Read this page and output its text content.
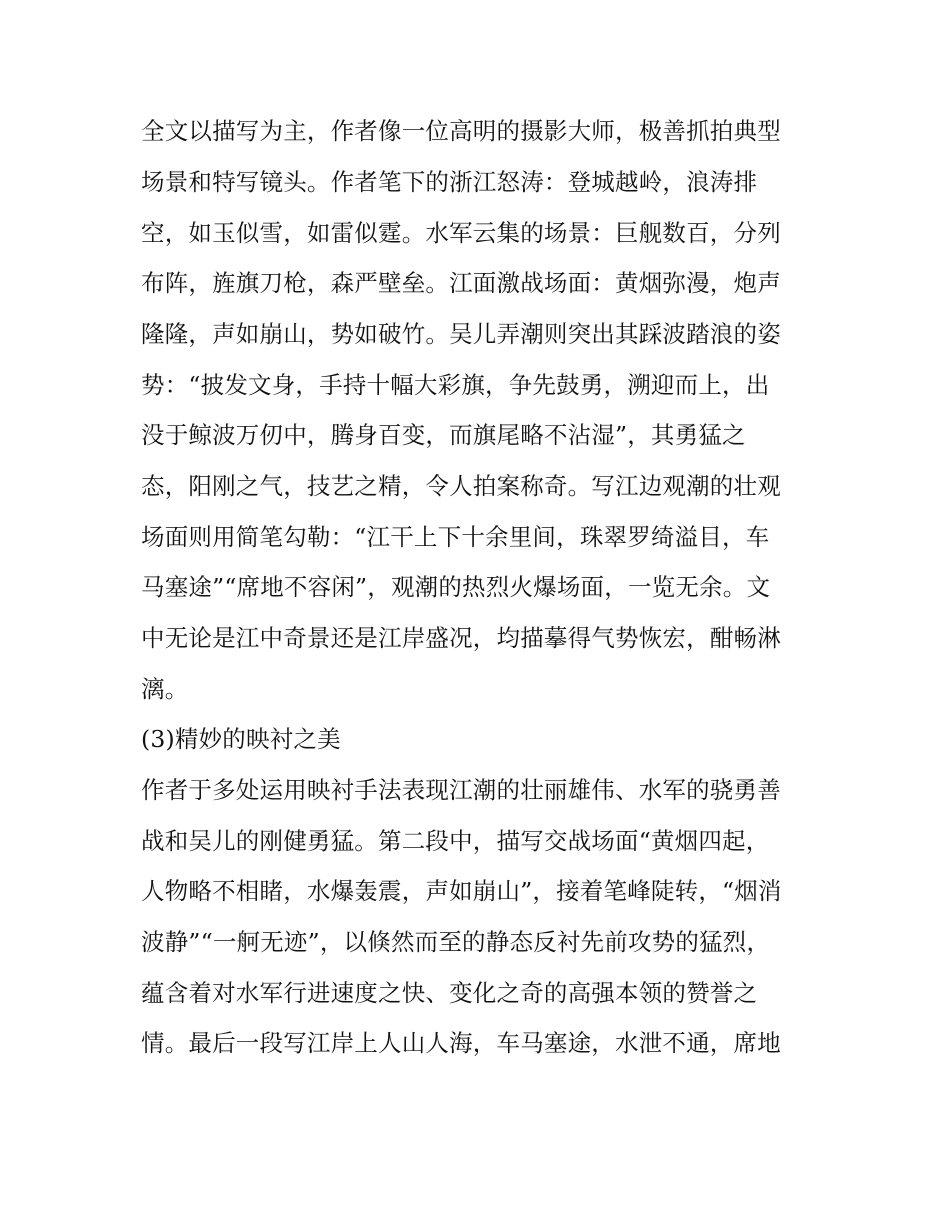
全文以描写为主，作者像一位高明的摄影大师，极善抓拍典型
场景和特写镜头。作者笔下的浙江怒涛：登城越岭，浪涛排
空，如玉似雪，如雷似霆。水军云集的场景：巨舰数百，分列
布阵，旌旗刀枪，森严壁垒。江面激战场面：黄烟弥漫，炮声
隆隆，声如崩山，势如破竹。吴儿弄潮则突出其踩波踏浪的姿
势：“披发文身，手持十幅大彩旗，争先鼓勇，溯迎而上，出
没于鲸波万仞中，腾身百变，而旗尾略不沾湿”，其勇猛之
态，阳刚之气，技艺之精，令人拍案称奇。写江边观潮的壮观
场面则用简笔勾勒：“江干上下十余里间，珠翠罗绮溢目，车
马塞途”“席地不容闲”，观潮的热烈火爆场面，一览无余。文
中无论是江中奇景还是江岸盛况，均描摹得气势恢宏，酣畅淋
漓。
(3)精妙的映衬之美
作者于多处运用映衬手法表现江潮的壮丽雄伟、水军的骁勇善
战和吴儿的刚健勇猛。第二段中，描写交战场面“黄烟四起，
人物略不相睹，水爆轰震，声如崩山”，接着笔峰陡转，“烟消
波静”“一舸无迹”，以倏然而至的静态反衬先前攻势的猛烈，
蕴含着对水军行进速度之快、变化之奇的高强本领的赞誉之
情。最后一段写江岸上人山人海，车马塞途，水泄不通，席地
